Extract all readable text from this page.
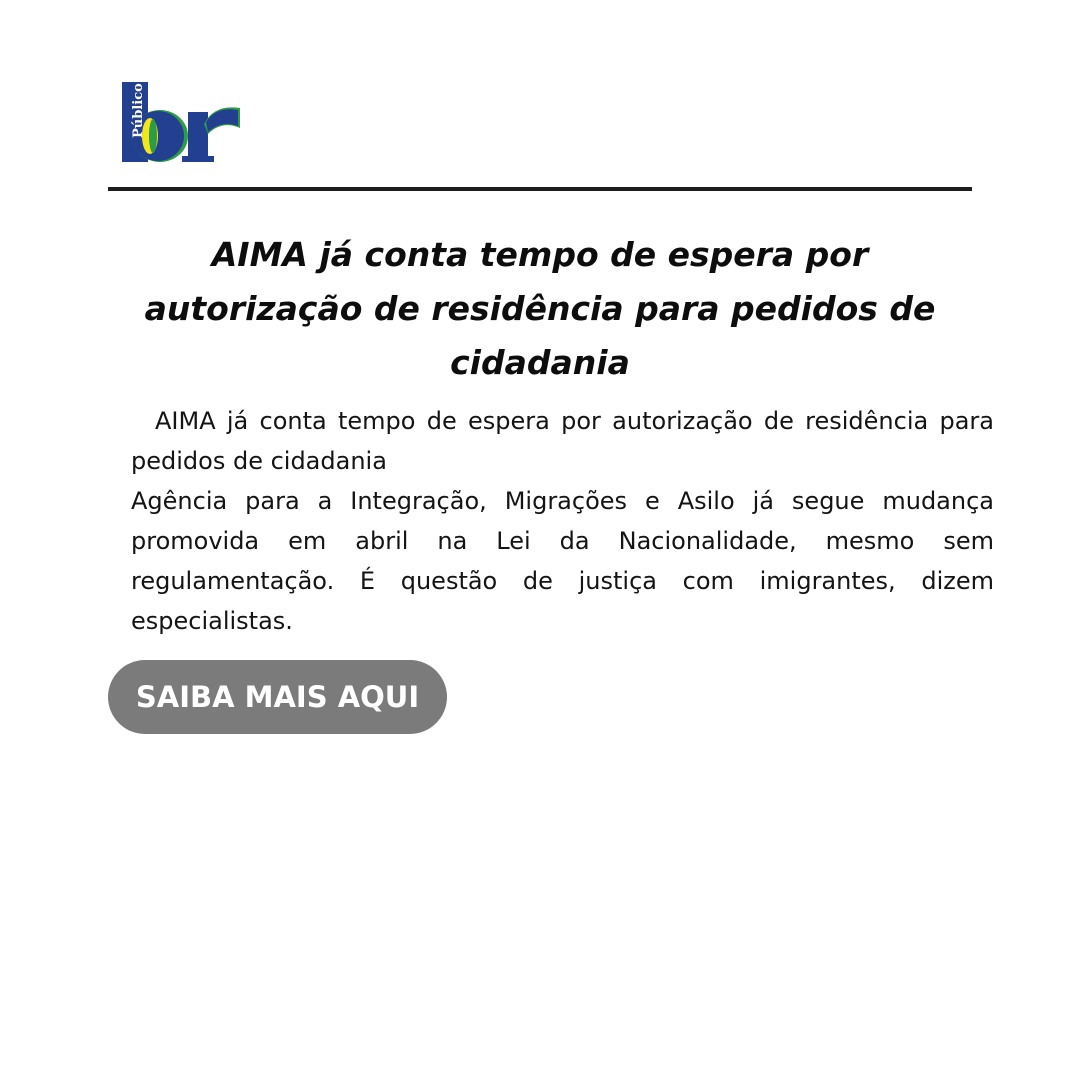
Público
AIMA já conta tempo de espera por autorização de residência para pedidos de cidadania

AIMA já conta tempo de espera por autorização de residência para pedidos de cidadania

Agência para a Integração, Migrações e Asilo já segue mudança promovida em abril na Lei da Nacionalidade, mesmo sem regulamentação. É questão de justiça com imigrantes, dizem especialistas.

SAIBA MAIS AQUI
